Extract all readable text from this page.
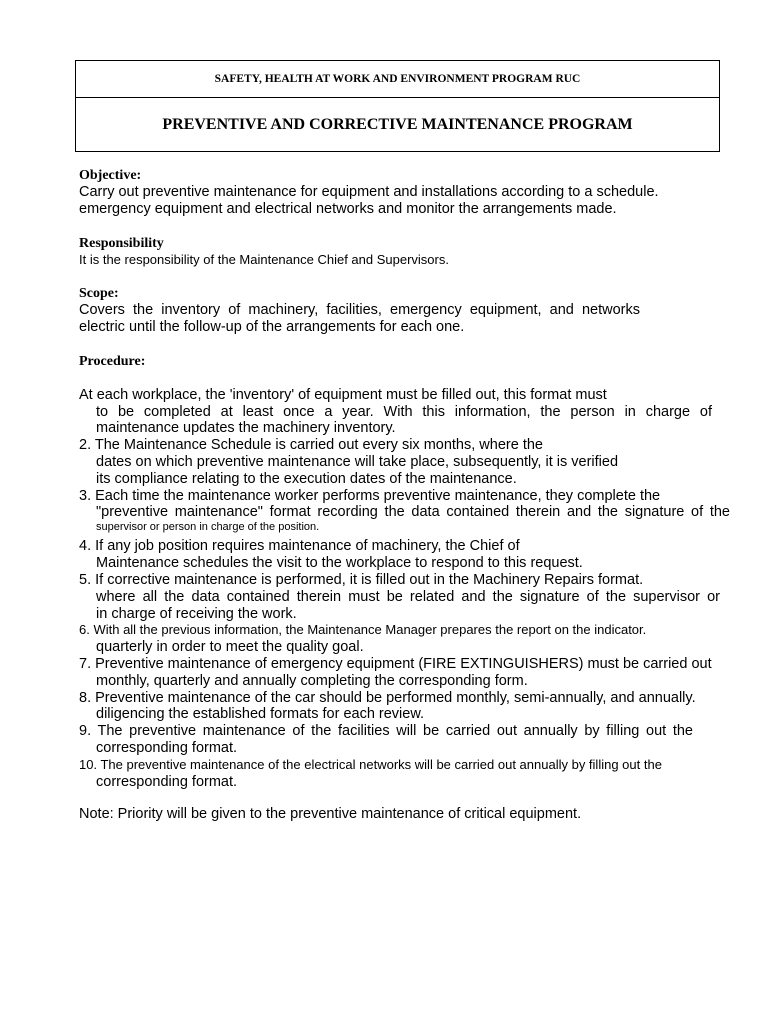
SAFETY, HEALTH AT WORK AND ENVIRONMENT PROGRAM RUC
PREVENTIVE AND CORRECTIVE MAINTENANCE PROGRAM
Objective:
Carry out preventive maintenance for equipment and installations according to a schedule.
emergency equipment and electrical networks and monitor the arrangements made.
Responsibility
It is the responsibility of the Maintenance Chief and Supervisors.
Scope:
Covers the inventory of machinery, facilities, emergency equipment, and networks
electric until the follow-up of the arrangements for each one.
Procedure:
At each workplace, the 'inventory' of equipment must be filled out, this format must
to be completed at least once a year. With this information, the person in charge of
maintenance updates the machinery inventory.
2. The Maintenance Schedule is carried out every six months, where the
dates on which preventive maintenance will take place, subsequently, it is verified
its compliance relating to the execution dates of the maintenance.
3. Each time the maintenance worker performs preventive maintenance, they complete the
"preventive maintenance" format recording the data contained therein and the signature of the
supervisor or person in charge of the position.
4. If any job position requires maintenance of machinery, the Chief of
Maintenance schedules the visit to the workplace to respond to this request.
5. If corrective maintenance is performed, it is filled out in the Machinery Repairs format.
where all the data contained therein must be related and the signature of the supervisor or
in charge of receiving the work.
6. With all the previous information, the Maintenance Manager prepares the report on the indicator.
quarterly in order to meet the quality goal.
7. Preventive maintenance of emergency equipment (FIRE EXTINGUISHERS) must be carried out
monthly, quarterly and annually completing the corresponding form.
8. Preventive maintenance of the car should be performed monthly, semi-annually, and annually.
diligencing the established formats for each review.
9. The preventive maintenance of the facilities will be carried out annually by filling out the
corresponding format.
10. The preventive maintenance of the electrical networks will be carried out annually by filling out the
corresponding format.
Note: Priority will be given to the preventive maintenance of critical equipment.
